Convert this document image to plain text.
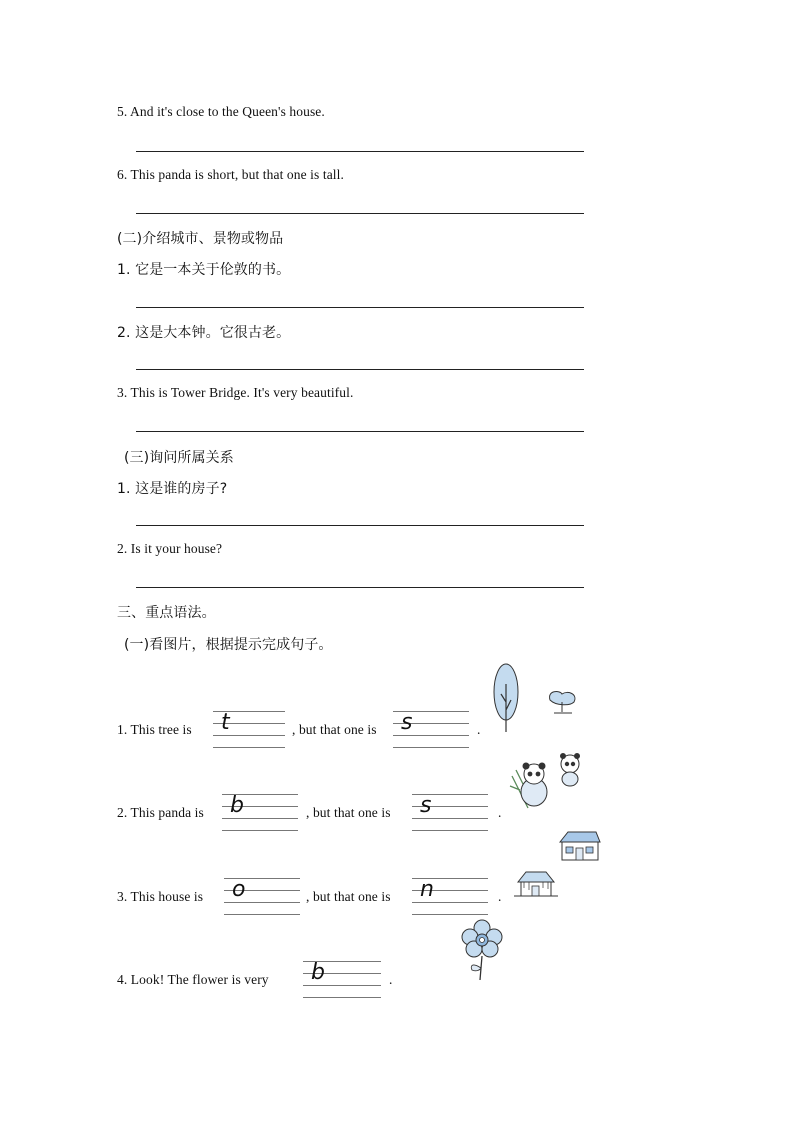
5. And it's close to the Queen's house.
6. This panda is short, but that one is tall.
(二)介绍城市、景物或物品
1. 它是一本关于伦敦的书。
2. 这是大本钟。它很古老。
3. This is Tower Bridge. It's very beautiful.
(三)询问所属关系
1. 这是谁的房子?
2. Is it your house?
三、重点语法。
(一)看图片，根据提示完成句子。
1. This tree is t	, but that one is s	.
2. This panda is b	, but that one is s	.
3. This house is o	, but that one is n	.
4. Look! The flower is very b	.
